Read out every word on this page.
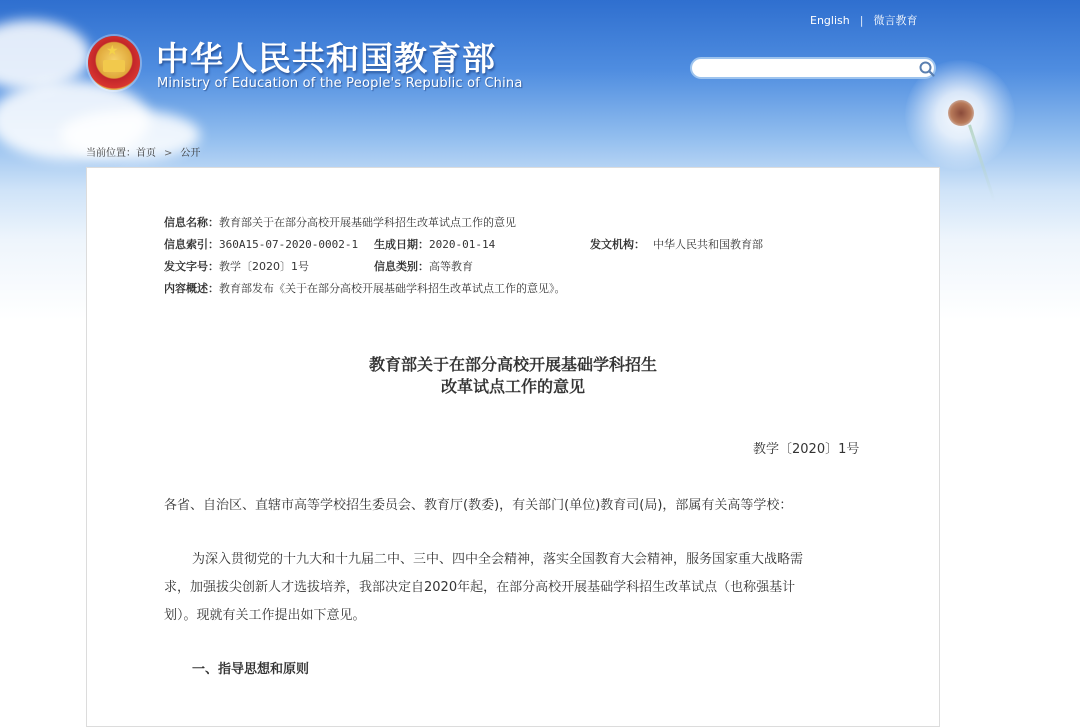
★ 中华人民共和国教育部
Ministry of Education of the People's Republic of China
English | 微言教育
当前位置：首页 > 公开
信息名称：教育部关于在部分高校开展基础学科招生改革试点工作的意见
信息索引：360A15-07-2020-0002-1 生成日期：2020-01-14	发文机构： 中华人民共和国教育部
发文字号：教学〔2020〕1号	信息类别：高等教育
内容概述：教育部发布《关于在部分高校开展基础学科招生改革试点工作的意见》。
教育部关于在部分高校开展基础学科招生
改革试点工作的意见
教学〔2020〕1号
各省、自治区、直辖市高等学校招生委员会、教育厅(教委)，有关部门(单位)教育司(局)，部属有关高等学校：
为深入贯彻党的十九大和十九届二中、三中、四中全会精神，落实全国教育大会精神，服务国家重大战略需
求，加强拔尖创新人才选拔培养，我部决定自2020年起，在部分高校开展基础学科招生改革试点（也称强基计
划）。现就有关工作提出如下意见。
一、指导思想和原则
